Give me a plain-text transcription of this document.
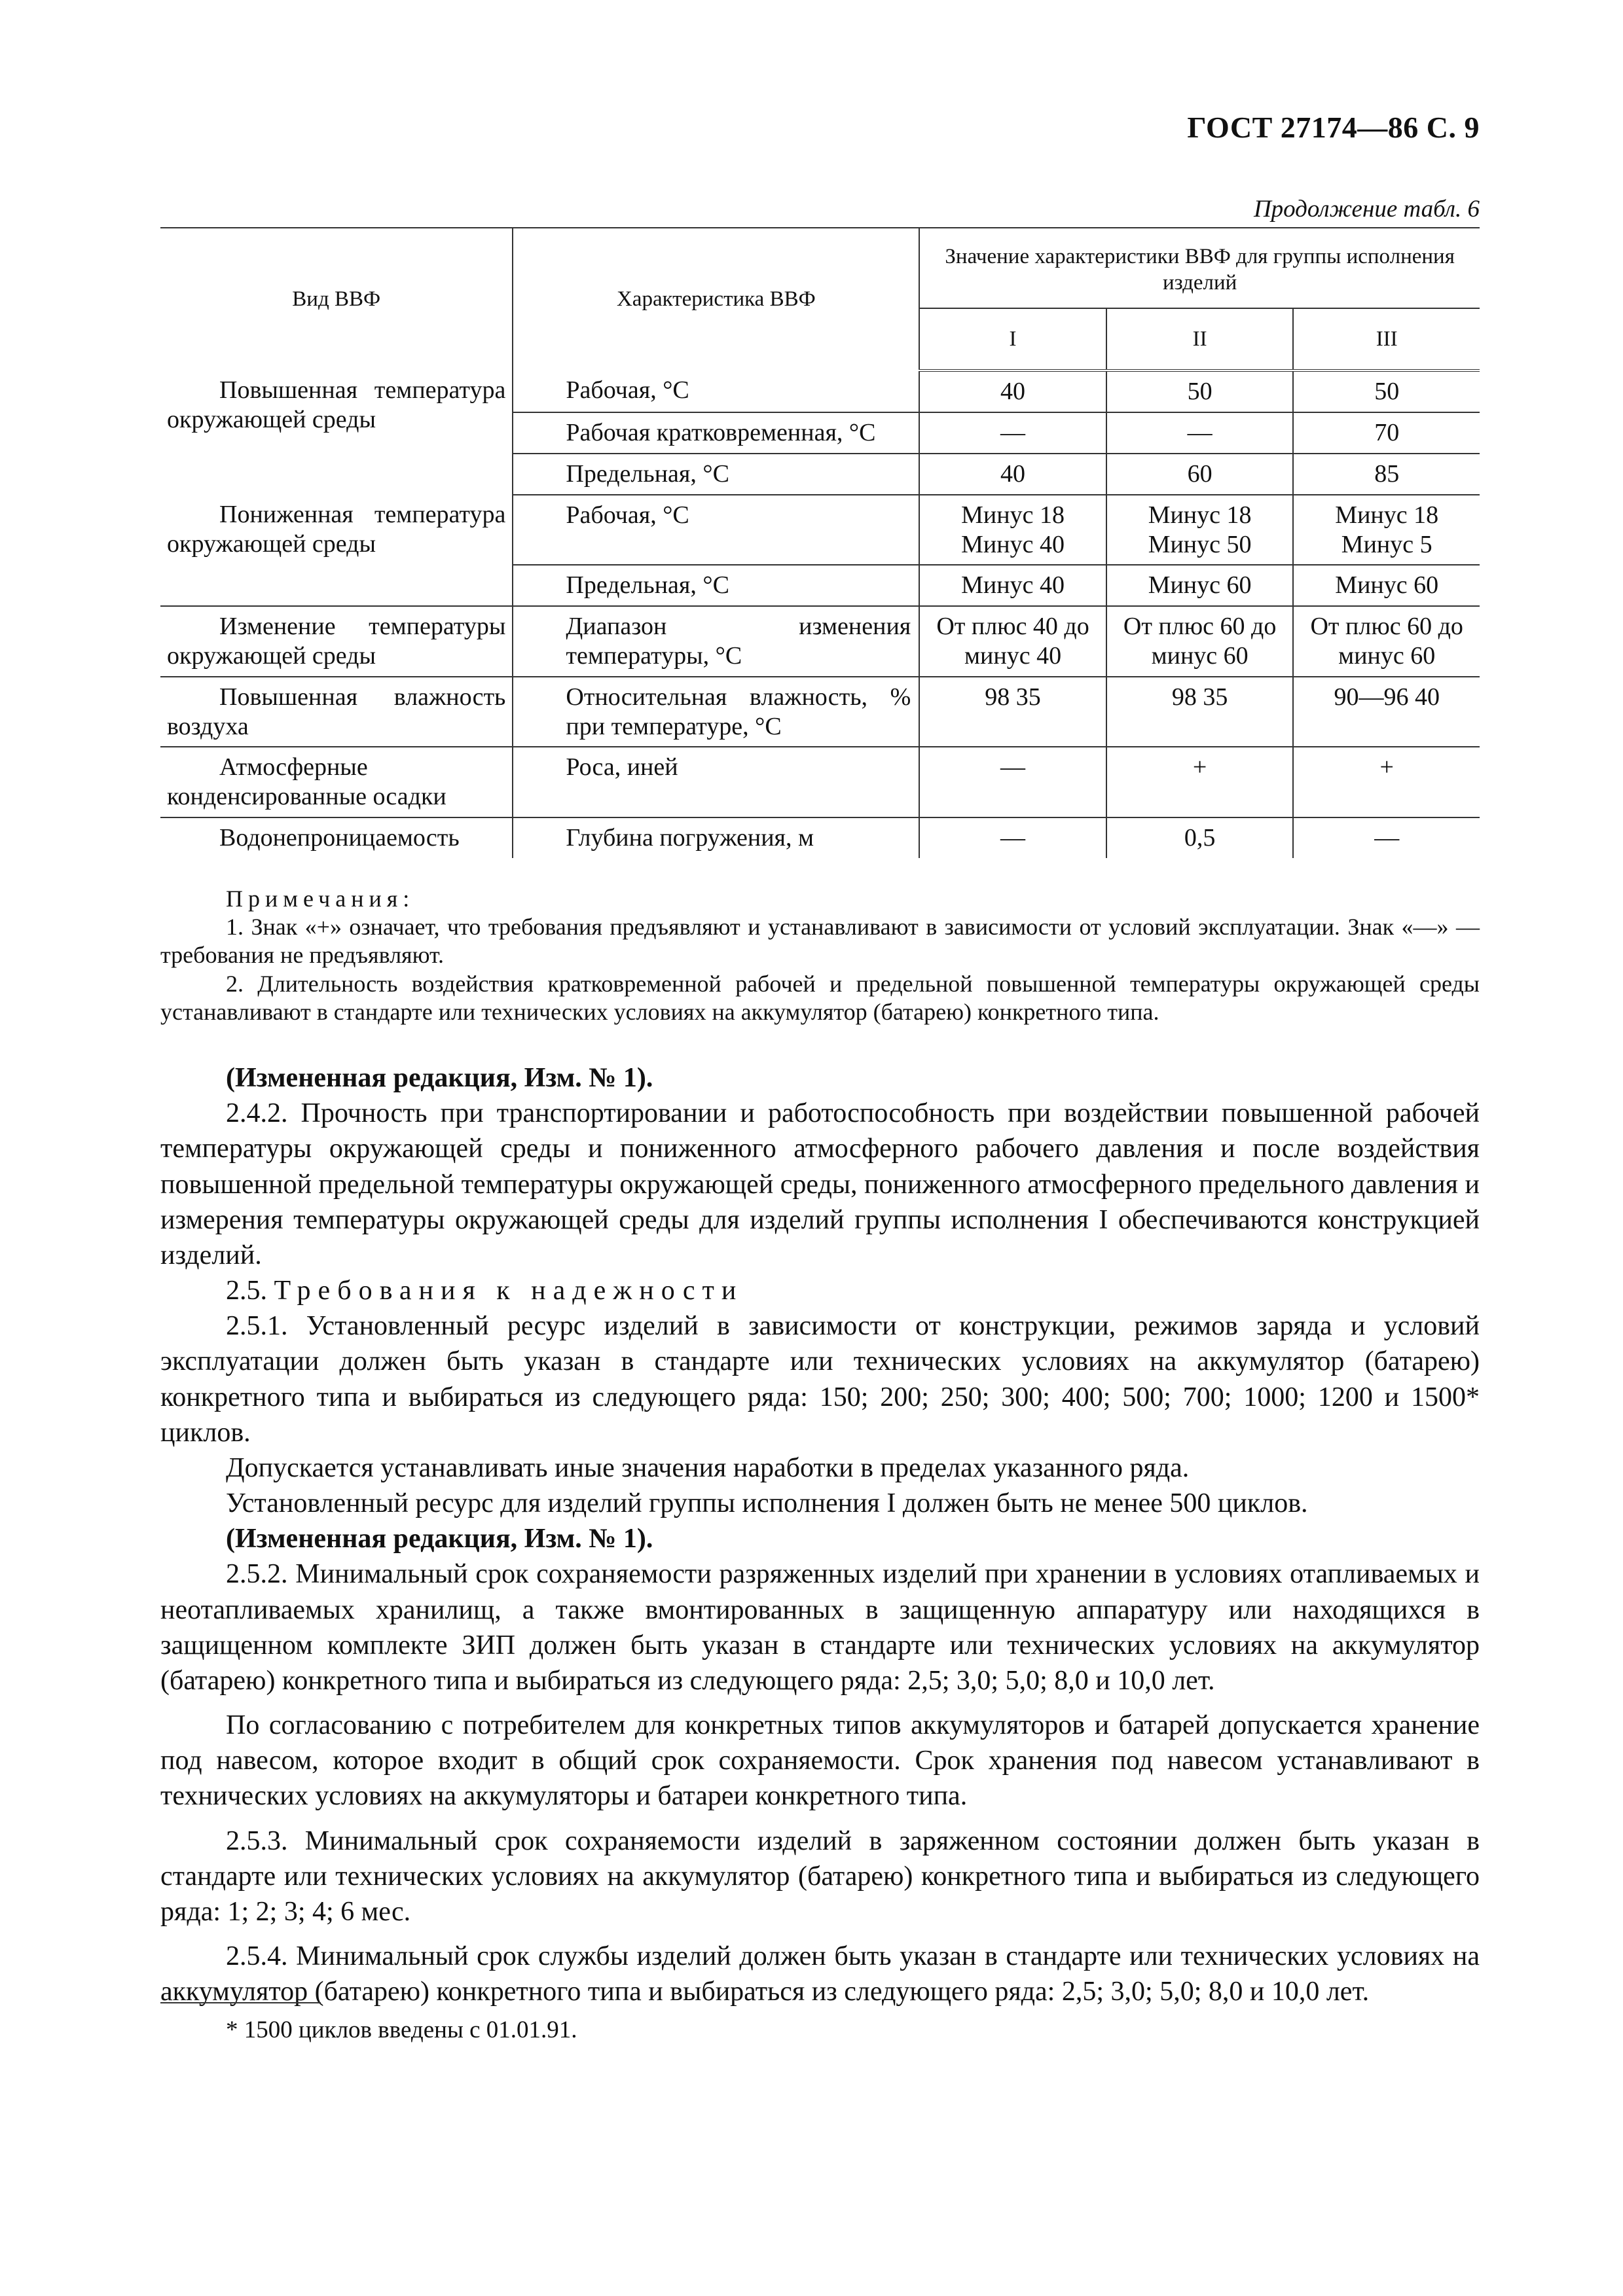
ГОСТ 27174—86 С. 9
Продолжение табл. 6
Вид ВВФ	Характеристика ВВФ	Значение характеристики ВВФ для группы исполнения изделий		
		I	II	III

Повышенная температура окружающей среды	Рабочая, °С	40	50	50
	Рабочая кратковременная, °С	—	—	70
	Предельная, °С	40	60	85

Пониженная температура окружающей среды	Рабочая, °С	Минус 18 Минус 40	Минус 18 Минус 50	Минус 18 Минус 5
	Предельная, °С	Минус 40	Минус 60	Минус 60

Изменение температуры окружающей среды	Диапазон изменения температуры, °С	От плюс 40 до минус 40	От плюс 60 до минус 60	От плюс 60 до минус 60

Повышенная влажность воздуха	Относительная влажность, % при температуре, °С	98 35	98 35	90—96 40

Атмосферные конденсированные осадки	Роса, иней	—	+	+

Водонепроницаемость	Глубина погружения, м	—	0,5	—
Примечания:

1. Знак «+» означает, что требования предъявляют и устанавливают в зависимости от условий эксплуатации. Знак «—» — требования не предъявляют.

2. Длительность воздействия кратковременной рабочей и предельной повышенной температуры окружающей среды устанавливают в стандарте или технических условиях на аккумулятор (батарею) конкретного типа.

(Измененная редакция, Изм. № 1).

2.4.2. Прочность при транспортировании и работоспособность при воздействии повышенной рабочей температуры окружающей среды и пониженного атмосферного рабочего давления и после воздействия повышенной предельной температуры окружающей среды, пониженного атмосферного предельного давления и измерения температуры окружающей среды для изделий группы исполнения I обеспечиваются конструкцией изделий.

2.5. Требования к надежности

2.5.1. Установленный ресурс изделий в зависимости от конструкции, режимов заряда и условий эксплуатации должен быть указан в стандарте или технических условиях на аккумулятор (батарею) конкретного типа и выбираться из следующего ряда: 150; 200; 250; 300; 400; 500; 700; 1000; 1200 и 1500* циклов.

Допускается устанавливать иные значения наработки в пределах указанного ряда.

Установленный ресурс для изделий группы исполнения I должен быть не менее 500 циклов.

(Измененная редакция, Изм. № 1).

2.5.2. Минимальный срок сохраняемости разряженных изделий при хранении в условиях отапливаемых и неотапливаемых хранилищ, а также вмонтированных в защищенную аппаратуру или находящихся в защищенном комплекте ЗИП должен быть указан в стандарте или технических условиях на аккумулятор (батарею) конкретного типа и выбираться из следующего ряда: 2,5; 3,0; 5,0; 8,0 и 10,0 лет.

По согласованию с потребителем для конкретных типов аккумуляторов и батарей допускается хранение под навесом, которое входит в общий срок сохраняемости. Срок хранения под навесом устанавливают в технических условиях на аккумуляторы и батареи конкретного типа.

2.5.3. Минимальный срок сохраняемости изделий в заряженном состоянии должен быть указан в стандарте или технических условиях на аккумулятор (батарею) конкретного типа и выбираться из следующего ряда: 1; 2; 3; 4; 6 мес.

2.5.4. Минимальный срок службы изделий должен быть указан в стандарте или технических условиях на аккумулятор (батарею) конкретного типа и выбираться из следующего ряда: 2,5; 3,0; 5,0; 8,0 и 10,0 лет.

* 1500 циклов введены с 01.01.91.
